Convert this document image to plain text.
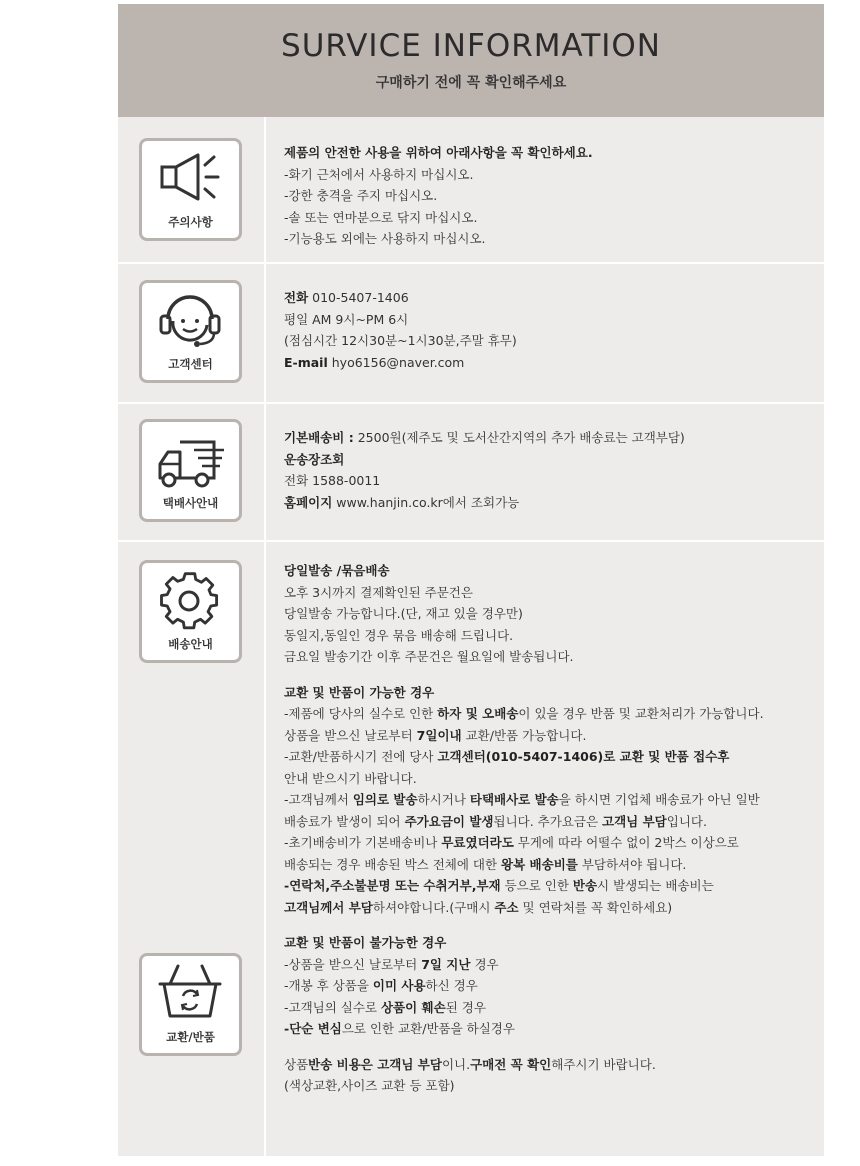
SURVICE INFORMATION
구매하기 전에 꼭 확인해주세요
주의사항
제품의 안전한 사용을 위하여 아래사항을 꼭 확인하세요.
-화기 근처에서 사용하지 마십시오.
-강한 충격을 주지 마십시오.
-솔 또는 연마분으로 닦지 마십시오.
-기능용도 외에는 사용하지 마십시오.
고객센터
전화 010-5407-1406
평일 AM 9시~PM 6시
(점심시간 12시30분~1시30분,주말 휴무)
E-mail hyo6156@naver.com
택배사안내
기본배송비 : 2500원(제주도 및 도서산간지역의 추가 배송료는 고객부담)
운송장조회
전화 1588-0011
홈페이지 www.hanjin.co.kr에서 조회가능
배송안내
당일발송 /묶음배송
오후 3시까지 결제확인된 주문건은
당일발송 가능합니다.(단, 재고 있을 경우만)
동일지,동일인 경우 묶음 배송해 드립니다.
금요일 발송기간 이후 주문건은 월요일에 발송됩니다.
교환 및 반품이 가능한 경우
-제품에 당사의 실수로 인한 하자 및 오배송이 있을 경우 반품 및 교환처리가 가능합니다.
상품을 받으신 날로부터 7일이내 교환/반품 가능합니다.
-교환/반품하시기 전에 당사 고객센터(010-5407-1406)로 교환 및 반품 접수후
안내 받으시기 바랍니다.
-고객님께서 임의로 발송하시거나 타택배사로 발송을 하시면 기업체 배송료가 아닌 일반
배송료가 발생이 되어 주가요금이 발생됩니다. 추가요금은 고객님 부담입니다.
-초기배송비가 기본배송비나 무료였더라도 무게에 따라 어떨수 없이 2박스 이상으로
배송되는 경우 배송된 박스 전체에 대한 왕복 배송비를 부담하셔야 됩니다.
-연락처,주소불분명 또는 수취거부,부재 등으로 인한 반송시 발생되는 배송비는
고객님께서 부담하셔야합니다.(구매시 주소 및 연락처를 꼭 확인하세요)
교환 및 반품이 불가능한 경우
-상품을 받으신 날로부터 7일 지난 경우
-개봉 후 상품을 이미 사용하신 경우
-고객님의 실수로 상품이 훼손된 경우
-단순 변심으로 인한 교환/반품을 하실경우
상품반송 비용은 고객님 부담이니.구매전 꼭 확인해주시기 바랍니다.
(색상교환,사이즈 교환 등 포함)
교환/반품
